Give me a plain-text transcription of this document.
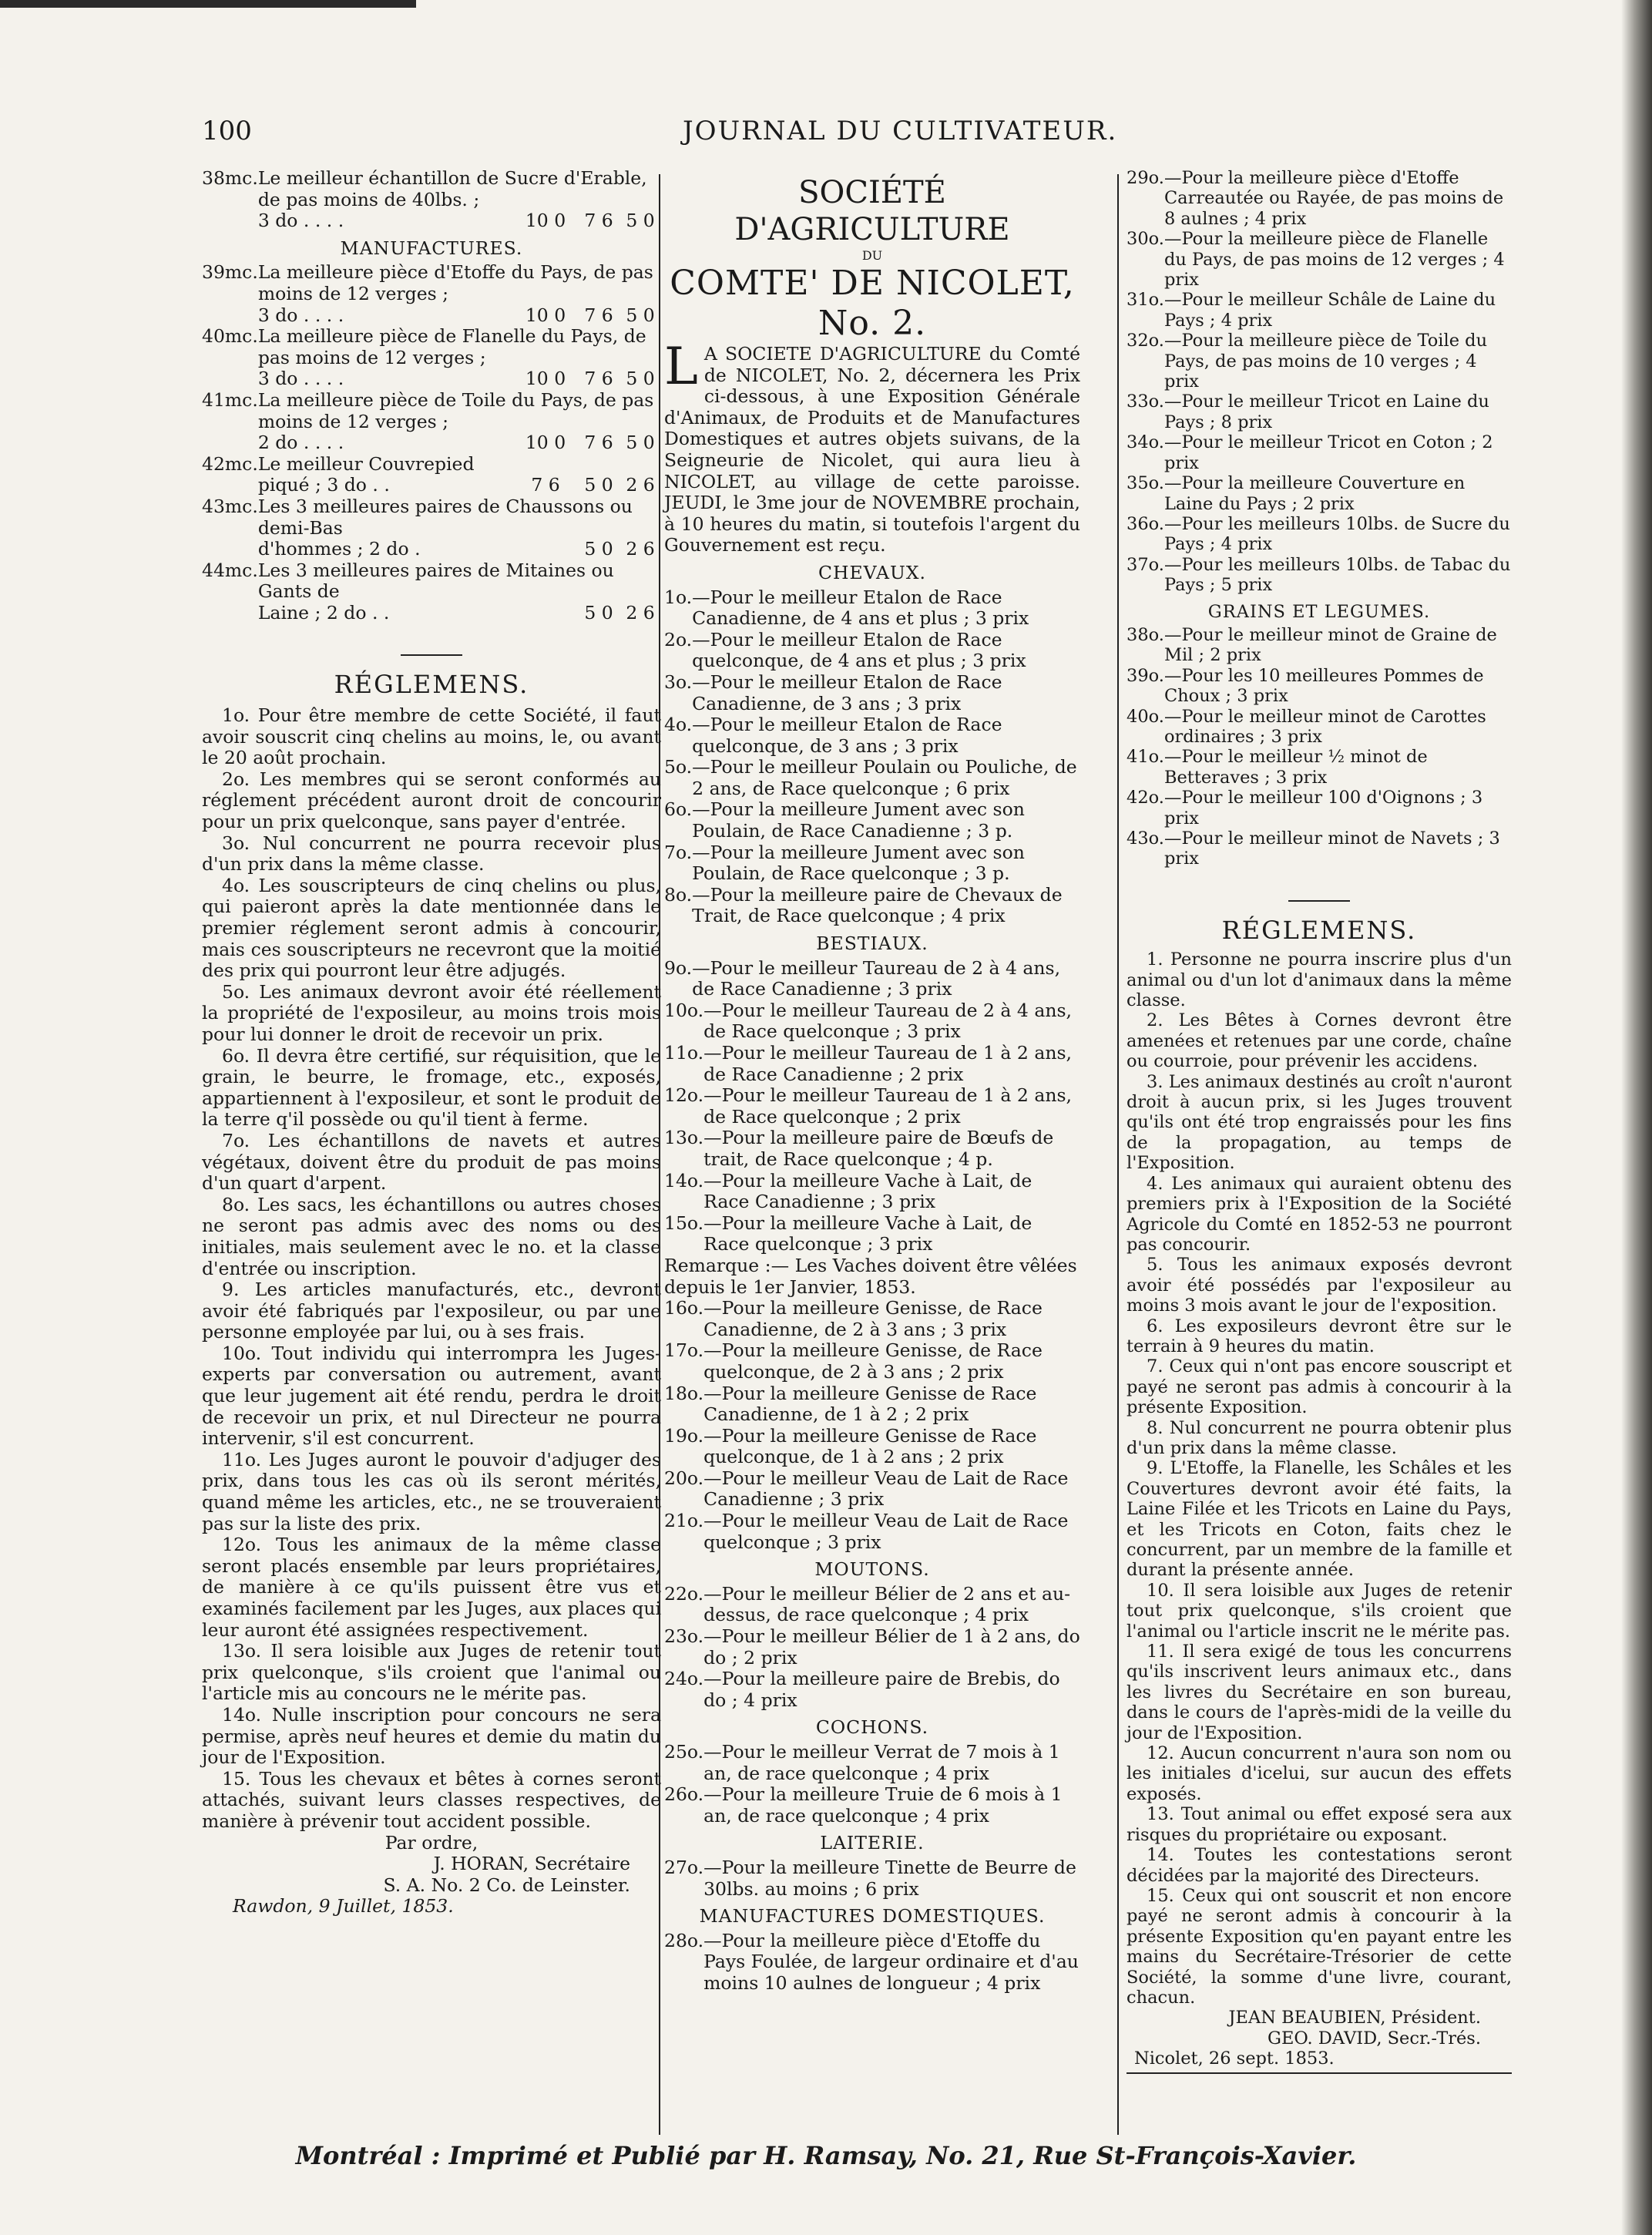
100	JOURNAL DU CULTIVATEUR.
38mc. Le meilleur échantillon de Sucre d'Erable, de pas moins de 40lbs. ;
3 do . . . .	10 0	7 6 5 0
MANUFACTURES.
39mc. La meilleure pièce d'Etoffe du Pays, de pas moins de 12 verges ;
3 do . . . .	10 0	7 6 5 0
40mc. La meilleure pièce de Flanelle du Pays, de pas moins de 12 verges ;
3 do . . . .	10 0	7 6 5 0
41mc. La meilleure pièce de Toile du Pays, de pas moins de 12 verges ;
2 do . . . .	10 0	7 6 5 0
42mc. Le meilleur Couvrepied
piqué ; 3 do . .	7 6	5 0 2 6
43mc. Les 3 meilleures paires de Chaussons ou demi-Bas
d'hommes ; 2 do .	5 0 2 6
44mc. Les 3 meilleures paires de Mitaines ou Gants de
Laine ; 2 do . .	5 0 2 6
RÉGLEMENS.

1o. Pour être membre de cette Société, il faut avoir souscrit cinq chelins au moins, le, ou avant le 20 août prochain.

2o. Les membres qui se seront conformés au réglement précédent auront droit de concourir pour un prix quelconque, sans payer d'entrée.

3o. Nul concurrent ne pourra recevoir plus d'un prix dans la même classe.

4o. Les souscripteurs de cinq chelins ou plus, qui paieront après la date mentionnée dans le premier réglement seront admis à concourir, mais ces souscripteurs ne recevront que la moitié des prix qui pourront leur être adjugés.

5o. Les animaux devront avoir été réellement la propriété de l'exposileur, au moins trois mois pour lui donner le droit de recevoir un prix.

6o. Il devra être certifié, sur réquisition, que le grain, le beurre, le fromage, etc., exposés, appartiennent à l'exposileur, et sont le produit de la terre q'il possède ou qu'il tient à ferme.

7o. Les échantillons de navets et autres végétaux, doivent être du produit de pas moins d'un quart d'arpent.

8o. Les sacs, les échantillons ou autres choses ne seront pas admis avec des noms ou des initiales, mais seulement avec le no. et la classe d'entrée ou inscription.

9. Les articles manufacturés, etc., devront avoir été fabriqués par l'exposileur, ou par une personne employée par lui, ou à ses frais.

10o. Tout individu qui interrompra les Juges-experts par conversation ou autrement, avant que leur jugement ait été rendu, perdra le droit de recevoir un prix, et nul Directeur ne pourra intervenir, s'il est concurrent.

11o. Les Juges auront le pouvoir d'adjuger des prix, dans tous les cas où ils seront mérités, quand même les articles, etc., ne se trouveraient pas sur la liste des prix.

12o. Tous les animaux de la même classe seront placés ensemble par leurs propriétaires, de manière à ce qu'ils puissent être vus et examinés facilement par les Juges, aux places qui leur auront été assignées respectivement.

13o. Il sera loisible aux Juges de retenir tout prix quelconque, s'ils croient que l'animal ou l'article mis au concours ne le mérite pas.

14o. Nulle inscription pour concours ne sera permise, après neuf heures et demie du matin du jour de l'Exposition.

15. Tous les chevaux et bêtes à cornes seront attachés, suivant leurs classes respectives, de manière à prévenir tout accident possible.

Par ordre,
J. HORAN, Secrétaire
S. A. No. 2 Co. de Leinster.
Rawdon, 9 Juillet, 1853.
SOCIÉTÉ D'AGRICULTURE
DU
COMTE' DE NICOLET, No. 2.
L A SOCIETE D'AGRICULTURE du Comté de NICOLET, No. 2, décernera les Prix ci-dessous, à une Exposition Générale d'Animaux, de Produits et de Manufactures Domestiques et autres objets suivans, de la Seigneurie de Nicolet, qui aura lieu à NICOLET, au village de cette paroisse. JEUDI, le 3me jour de NOVEMBRE prochain, à 10 heures du matin, si toutefois l'argent du Gouvernement est reçu.
CHEVAUX.
1o. —Pour le meilleur Etalon de Race Canadienne, de 4 ans et plus ; 3 prix
2o. —Pour le meilleur Etalon de Race quelconque, de 4 ans et plus ; 3 prix
3o. —Pour le meilleur Etalon de Race Canadienne, de 3 ans ; 3 prix
4o. —Pour le meilleur Etalon de Race quelconque, de 3 ans ; 3 prix
5o. —Pour le meilleur Poulain ou Pouliche, de 2 ans, de Race quelconque ; 6 prix
6o. —Pour la meilleure Jument avec son Poulain, de Race Canadienne ; 3 p.
7o. —Pour la meilleure Jument avec son Poulain, de Race quelconque ; 3 p.
8o. —Pour la meilleure paire de Chevaux de Trait, de Race quelconque ; 4 prix
BESTIAUX.
9o. —Pour le meilleur Taureau de 2 à 4 ans, de Race Canadienne ; 3 prix
10o. —Pour le meilleur Taureau de 2 à 4 ans, de Race quelconque ; 3 prix
11o. —Pour le meilleur Taureau de 1 à 2 ans, de Race Canadienne ; 2 prix
12o. —Pour le meilleur Taureau de 1 à 2 ans, de Race quelconque ; 2 prix
13o. —Pour la meilleure paire de Bœufs de trait, de Race quelconque ; 4 p.
14o. —Pour la meilleure Vache à Lait, de Race Canadienne ; 3 prix
15o. —Pour la meilleure Vache à Lait, de Race quelconque ; 3 prix
Remarque :— Les Vaches doivent être vêlées depuis le 1er Janvier, 1853.
16o. —Pour la meilleure Genisse, de Race Canadienne, de 2 à 3 ans ; 3 prix
17o. —Pour la meilleure Genisse, de Race quelconque, de 2 à 3 ans ; 2 prix
18o. —Pour la meilleure Genisse de Race Canadienne, de 1 à 2 ; 2 prix
19o. —Pour la meilleure Genisse de Race quelconque, de 1 à 2 ans ; 2 prix
20o. —Pour le meilleur Veau de Lait de Race Canadienne ; 3 prix
21o. —Pour le meilleur Veau de Lait de Race quelconque ; 3 prix
MOUTONS.
22o. —Pour le meilleur Bélier de 2 ans et au-dessus, de race quelconque ; 4 prix
23o. —Pour le meilleur Bélier de 1 à 2 ans, do do ; 2 prix
24o. —Pour la meilleure paire de Brebis, do do ; 4 prix
COCHONS.
25o. —Pour le meilleur Verrat de 7 mois à 1 an, de race quelconque ; 4 prix
26o. —Pour la meilleure Truie de 6 mois à 1 an, de race quelconque ; 4 prix
LAITERIE.
27o. —Pour la meilleure Tinette de Beurre de 30lbs. au moins ; 6 prix
MANUFACTURES DOMESTIQUES.
28o. —Pour la meilleure pièce d'Etoffe du Pays Foulée, de largeur ordinaire et d'au moins 10 aulnes de longueur ; 4 prix
29o. —Pour la meilleure pièce d'Etoffe Carreautée ou Rayée, de pas moins de 8 aulnes ; 4 prix
30o. —Pour la meilleure pièce de Flanelle du Pays, de pas moins de 12 verges ; 4 prix
31o. —Pour le meilleur Schâle de Laine du Pays ; 4 prix
32o. —Pour la meilleure pièce de Toile du Pays, de pas moins de 10 verges ; 4 prix
33o. —Pour le meilleur Tricot en Laine du Pays ; 8 prix
34o. —Pour le meilleur Tricot en Coton ; 2 prix
35o. —Pour la meilleure Couverture en Laine du Pays ; 2 prix
36o. —Pour les meilleurs 10lbs. de Sucre du Pays ; 4 prix
37o. —Pour les meilleurs 10lbs. de Tabac du Pays ; 5 prix
GRAINS ET LEGUMES.
38o. —Pour le meilleur minot de Graine de Mil ; 2 prix
39o. —Pour les 10 meilleures Pommes de Choux ; 3 prix
40o. —Pour le meilleur minot de Carottes ordinaires ; 3 prix
41o. —Pour le meilleur ½ minot de Betteraves ; 3 prix
42o. —Pour le meilleur 100 d'Oignons ; 3 prix
43o. —Pour le meilleur minot de Navets ; 3 prix
RÉGLEMENS.

1. Personne ne pourra inscrire plus d'un animal ou d'un lot d'animaux dans la même classe.

2. Les Bêtes à Cornes devront être amenées et retenues par une corde, chaîne ou courroie, pour prévenir les accidens.

3. Les animaux destinés au croît n'auront droit à aucun prix, si les Juges trouvent qu'ils ont été trop engraissés pour les fins de la propagation, au temps de l'Exposition.

4. Les animaux qui auraient obtenu des premiers prix à l'Exposition de la Société Agricole du Comté en 1852-53 ne pourront pas concourir.

5. Tous les animaux exposés devront avoir été possédés par l'exposileur au moins 3 mois avant le jour de l'exposition.

6. Les exposileurs devront être sur le terrain à 9 heures du matin.

7. Ceux qui n'ont pas encore souscript et payé ne seront pas admis à concourir à la présente Exposition.

8. Nul concurrent ne pourra obtenir plus d'un prix dans la même classe.

9. L'Etoffe, la Flanelle, les Schâles et les Couvertures devront avoir été faits, la Laine Filée et les Tricots en Laine du Pays, et les Tricots en Coton, faits chez le concurrent, par un membre de la famille et durant la présente année.

10. Il sera loisible aux Juges de retenir tout prix quelconque, s'ils croient que l'animal ou l'article inscrit ne le mérite pas.

11. Il sera exigé de tous les concurrens qu'ils inscrivent leurs animaux etc., dans les livres du Secrétaire en son bureau, dans le cours de l'après-midi de la veille du jour de l'Exposition.

12. Aucun concurrent n'aura son nom ou les initiales d'icelui, sur aucun des effets exposés.

13. Tout animal ou effet exposé sera aux risques du propriétaire ou exposant.

14. Toutes les contestations seront décidées par la majorité des Directeurs.

15. Ceux qui ont souscrit et non encore payé ne seront admis à concourir à la présente Exposition qu'en payant entre les mains du Secrétaire-Trésorier de cette Société, la somme d'une livre, courant, chacun.

JEAN BEAUBIEN, Président.
GEO. DAVID, Secr.-Trés.
Nicolet, 26 sept. 1853.
Montréal : Imprimé et Publié par H. Ramsay, No. 21, Rue St-François-Xavier.
